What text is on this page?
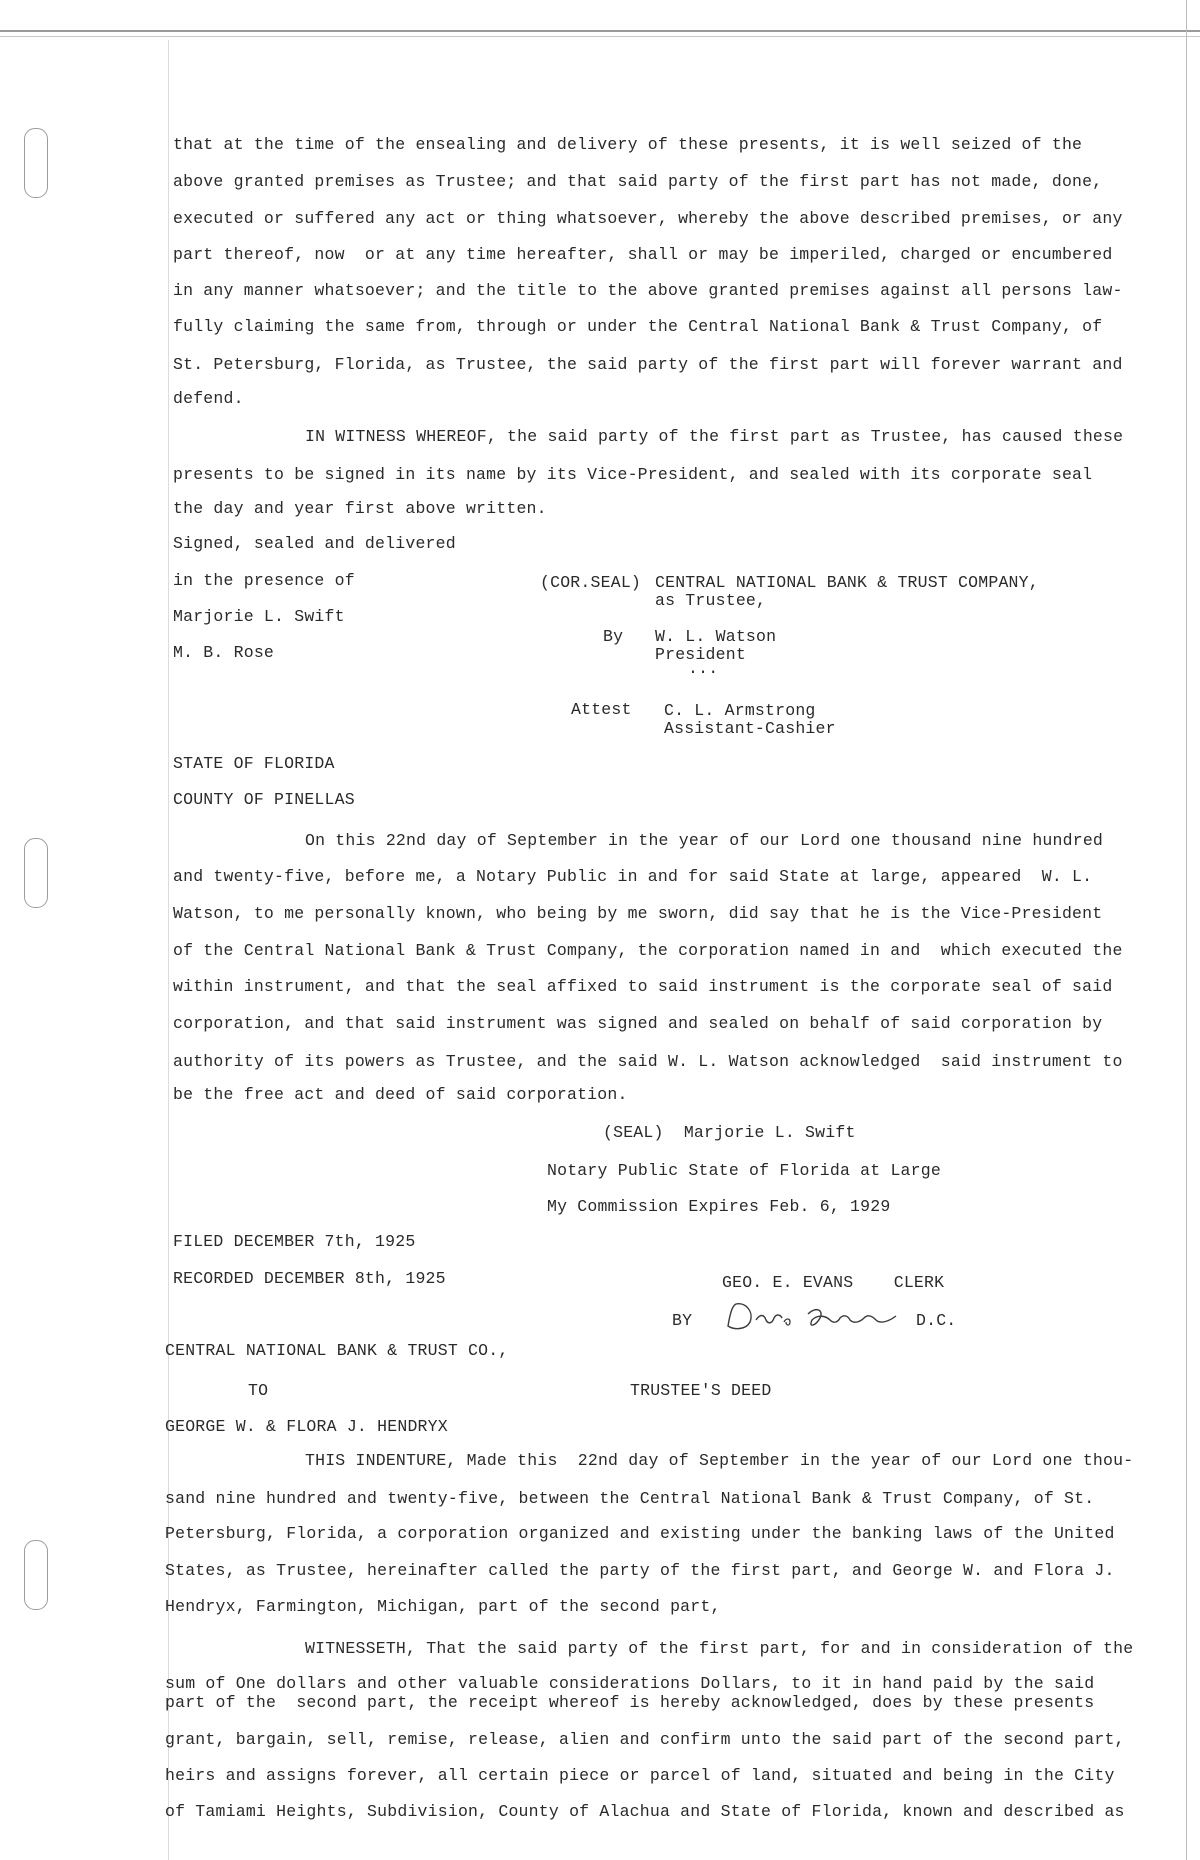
that at the time of the ensealing and delivery of these presents, it is well seized of the
above granted premises as Trustee; and that said party of the first part has not made, done,
executed or suffered any act or thing whatsoever, whereby the above described premises, or any
part thereof, now  or at any time hereafter, shall or may be imperiled, charged or encumbered
in any manner whatsoever; and the title to the above granted premises against all persons law-
fully claiming the same from, through or under the Central National Bank & Trust Company, of
St. Petersburg, Florida, as Trustee, the said party of the first part will forever warrant and
defend.
IN WITNESS WHEREOF, the said party of the first part as Trustee, has caused these
presents to be signed in its name by its Vice-President, and sealed with its corporate seal
the day and year first above written.
Signed, sealed and delivered
in the presence of	(COR.SEAL) CENTRAL NATIONAL BANK & TRUST COMPANY,
as Trustee,
Marjorie L. Swift
By W. L. Watson
President
...
M. B. Rose
Attest C. L. Armstrong
Assistant-Cashier
STATE OF FLORIDA
COUNTY OF PINELLAS
On this 22nd day of September in the year of our Lord one thousand nine hundred
and twenty-five, before me, a Notary Public in and for said State at large, appeared  W. L.
Watson, to me personally known, who being by me sworn, did say that he is the Vice-President
of the Central National Bank & Trust Company, the corporation named in and  which executed the
within instrument, and that the seal affixed to said instrument is the corporate seal of said
corporation, and that said instrument was signed and sealed on behalf of said corporation by
authority of its powers as Trustee, and the said W. L. Watson acknowledged  said instrument to
be the free act and deed of said corporation.
(SEAL)  Marjorie L. Swift
Notary Public State of Florida at Large
My Commission Expires Feb. 6, 1929
FILED DECEMBER 7th, 1925
RECORDED DECEMBER 8th, 1925	GEO. E. EVANS    CLERK
BY	D.C.
CENTRAL NATIONAL BANK & TRUST CO.,
TO	TRUSTEE'S DEED
GEORGE W. & FLORA J. HENDRYX
THIS INDENTURE, Made this  22nd day of September in the year of our Lord one thou-
sand nine hundred and twenty-five, between the Central National Bank & Trust Company, of St.
Petersburg, Florida, a corporation organized and existing under the banking laws of the United
States, as Trustee, hereinafter called the party of the first part, and George W. and Flora J.
Hendryx, Farmington, Michigan, part of the second part,
WITNESSETH, That the said party of the first part, for and in consideration of the
sum of One dollars and other valuable considerations Dollars, to it in hand paid by the said
part of the  second part, the receipt whereof is hereby acknowledged, does by these presents
grant, bargain, sell, remise, release, alien and confirm unto the said part of the second part,
heirs and assigns forever, all certain piece or parcel of land, situated and being in the City
of Tamiami Heights, Subdivision, County of Alachua and State of Florida, known and described as
